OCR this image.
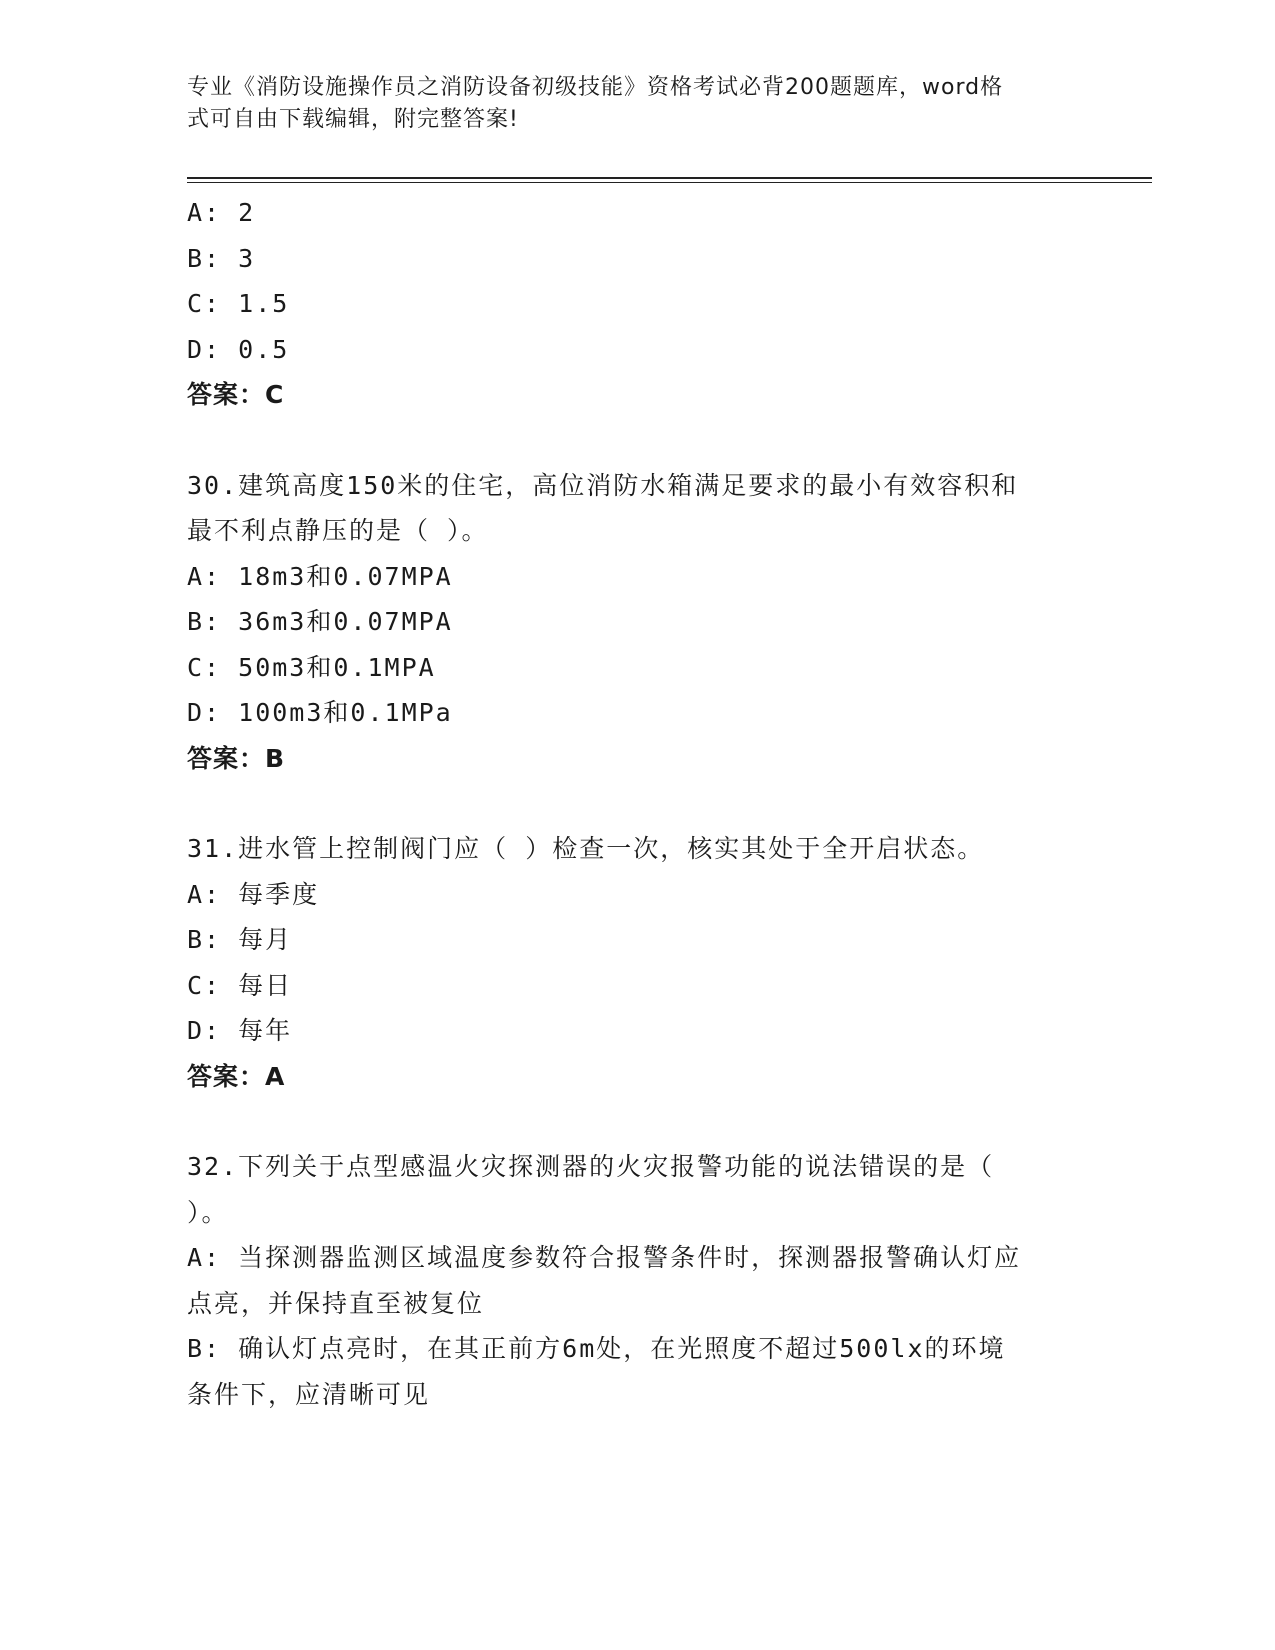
专业《消防设施操作员之消防设备初级技能》资格考试必背200题题库，word格
式可自由下载编辑，附完整答案!
A: 2
B: 3
C: 1.5
D: 0.5
答案：C
30.建筑高度150米的住宅，高位消防水箱满足要求的最小有效容积和
最不利点静压的是（ ）。
A: 18m3和0.07MPA
B: 36m3和0.07MPA
C: 50m3和0.1MPA
D: 100m3和0.1MPa
答案：B
31.进水管上控制阀门应（ ）检查一次，核实其处于全开启状态。
A: 每季度
B: 每月
C: 每日
D: 每年
答案：A
32.下列关于点型感温火灾探测器的火灾报警功能的说法错误的是（
）。
A: 当探测器监测区域温度参数符合报警条件时，探测器报警确认灯应
点亮，并保持直至被复位
B: 确认灯点亮时，在其正前方6m处，在光照度不超过500lx的环境
条件下，应清晰可见
